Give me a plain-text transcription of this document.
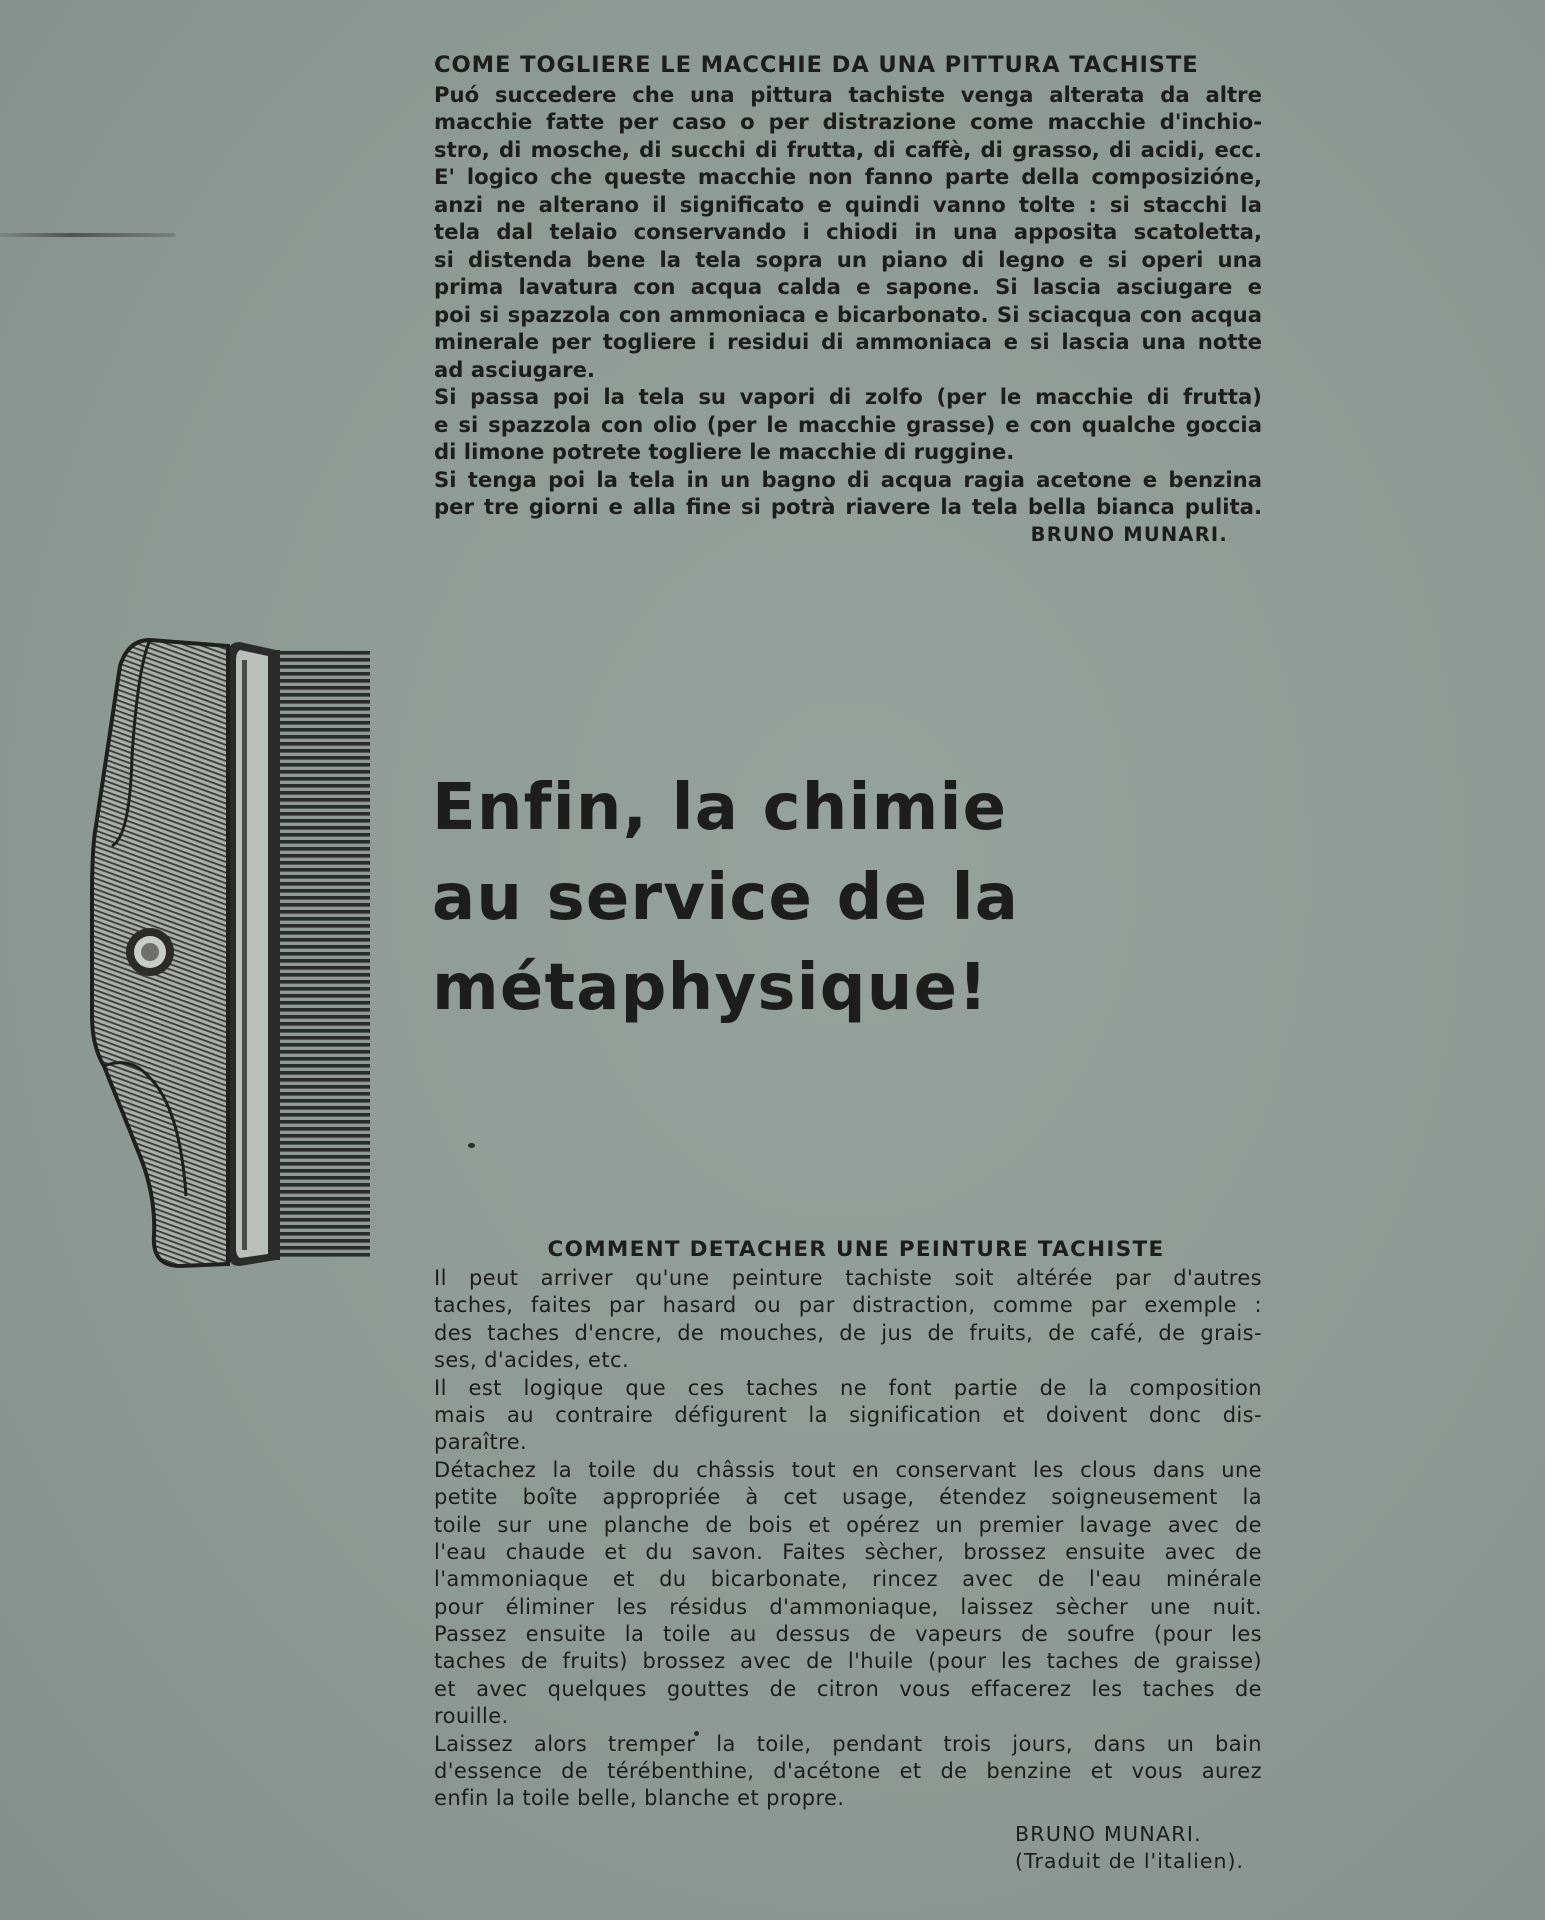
COME TOGLIERE LE MACCHIE DA UNA PITTURA TACHISTE
Puó succedere che una pittura tachiste venga alterata da altre
macchie fatte per caso o per distrazione come macchie d'inchio-
stro, di mosche, di succhi di frutta, di caffè, di grasso, di acidi, ecc.
E' logico che queste macchie non fanno parte della composizióne,
anzi ne alterano il significato e quindi vanno tolte : si stacchi la
tela dal telaio conservando i chiodi in una apposita scatoletta,
si distenda bene la tela sopra un piano di legno e si operi una
prima lavatura con acqua calda e sapone. Si lascia asciugare e
poi si spazzola con ammoniaca e bicarbonato. Si sciacqua con acqua
minerale per togliere i residui di ammoniaca e si lascia una notte
ad asciugare.
Si passa poi la tela su vapori di zolfo (per le macchie di frutta)
e si spazzola con olio (per le macchie grasse) e con qualche goccia
di limone potrete togliere le macchie di ruggine.
Si tenga poi la tela in un bagno di acqua ragia acetone e benzina
per tre giorni e alla fine si potrà riavere la tela bella bianca pulita.
BRUNO MUNARI.
Enfin, la chimie
au service de la
métaphysique!
COMMENT DETACHER UNE PEINTURE TACHISTE
Il peut arriver qu'une peinture tachiste soit altérée par d'autres
taches, faites par hasard ou par distraction, comme par exemple :
des taches d'encre, de mouches, de jus de fruits, de café, de grais-
ses, d'acides, etc.
Il est logique que ces taches ne font partie de la composition
mais au contraire défigurent la signification et doivent donc dis-
paraître.
Détachez la toile du châssis tout en conservant les clous dans une
petite boîte appropriée à cet usage, étendez soigneusement la
toile sur une planche de bois et opérez un premier lavage avec de
l'eau chaude et du savon. Faites sècher, brossez ensuite avec de
l'ammoniaque et du bicarbonate, rincez avec de l'eau minérale
pour éliminer les résidus d'ammoniaque, laissez sècher une nuit.
Passez ensuite la toile au dessus de vapeurs de soufre (pour les
taches de fruits) brossez avec de l'huile (pour les taches de graisse)
et avec quelques gouttes de citron vous effacerez les taches de
rouille.
Laissez alors tremper la toile, pendant trois jours, dans un bain
d'essence de térébenthine, d'acétone et de benzine et vous aurez
enfin la toile belle, blanche et propre.
BRUNO MUNARI.
(Traduit de l'italien).
